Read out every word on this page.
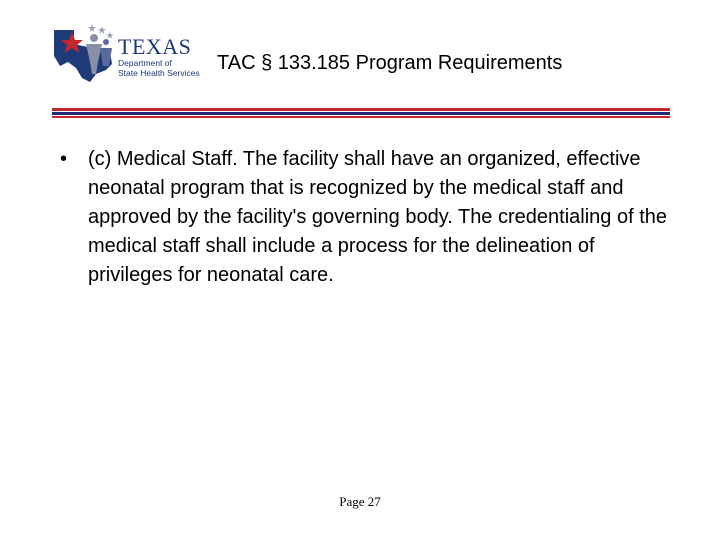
TEXAS
Department of
State Health Services TAC § 133.185 Program Requirements
•	(c) Medical Staff. The facility shall have an organized, effective neonatal program that is recognized by the medical staff and approved by the facility's governing body. The credentialing of the medical staff shall include a process for the delineation of privileges for neonatal care.
Page 27
